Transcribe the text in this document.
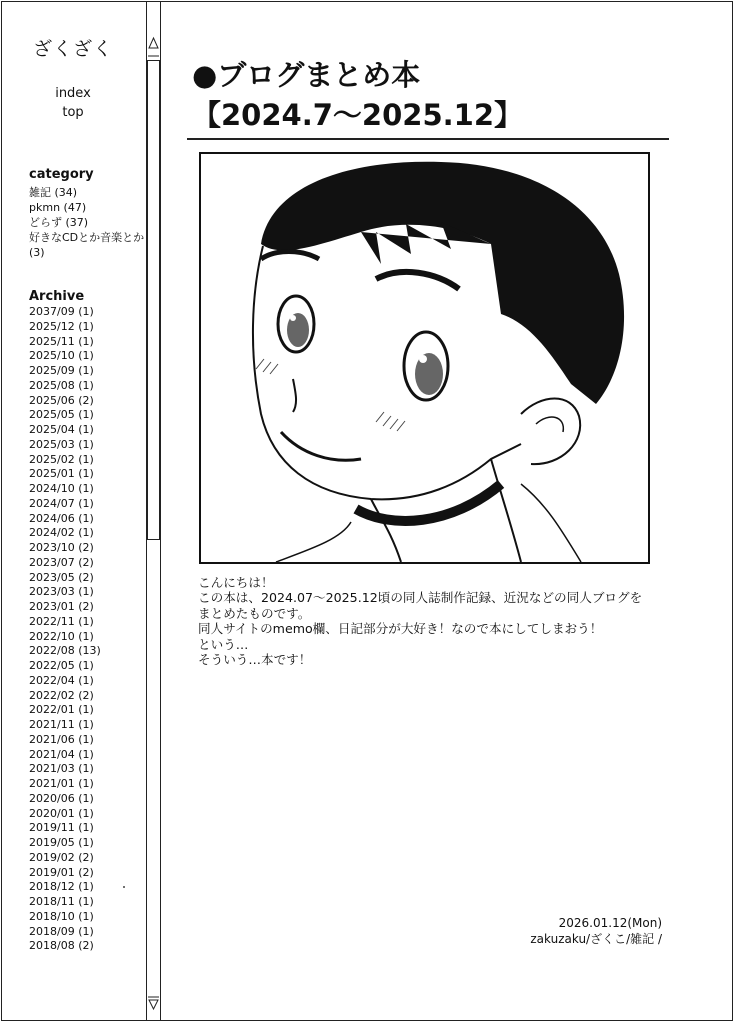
ざくざく
index
top
category
雑記 (34)
pkmn (47)
どらず (37)
好きなCDとか音楽とか (3)
Archive
2037/09 (1)
2025/12 (1)
2025/11 (1)
2025/10 (1)
2025/09 (1)
2025/08 (1)
2025/06 (2)
2025/05 (1)
2025/04 (1)
2025/03 (1)
2025/02 (1)
2025/01 (1)
2024/10 (1)
2024/07 (1)
2024/06 (1)
2024/02 (1)
2023/10 (2)
2023/07 (2)
2023/05 (2)
2023/03 (1)
2023/01 (2)
2022/11 (1)
2022/10 (1)
2022/08 (13)
2022/05 (1)
2022/04 (1)
2022/02 (2)
2022/01 (1)
2021/11 (1)
2021/06 (1)
2021/04 (1)
2021/03 (1)
2021/01 (1)
2020/06 (1)
2020/01 (1)
2019/11 (1)
2019/05 (1)
2019/02 (2)
2019/01 (2)
2018/12 (1)
2018/11 (1)
2018/10 (1)
2018/09 (1)
2018/08 (2)
●ブログまとめ本
【2024.7～2025.12】
こんにちは！
この本は、2024.07～2025.12頃の同人誌制作記録、近況などの同人ブログを
まとめたものです。
同人サイトのmemo欄、日記部分が大好き！なので本にしてしまおう！
という…
そういう…本です！
2026.01.12(Mon)
zakuzaku/ざくこ/雑記 /
